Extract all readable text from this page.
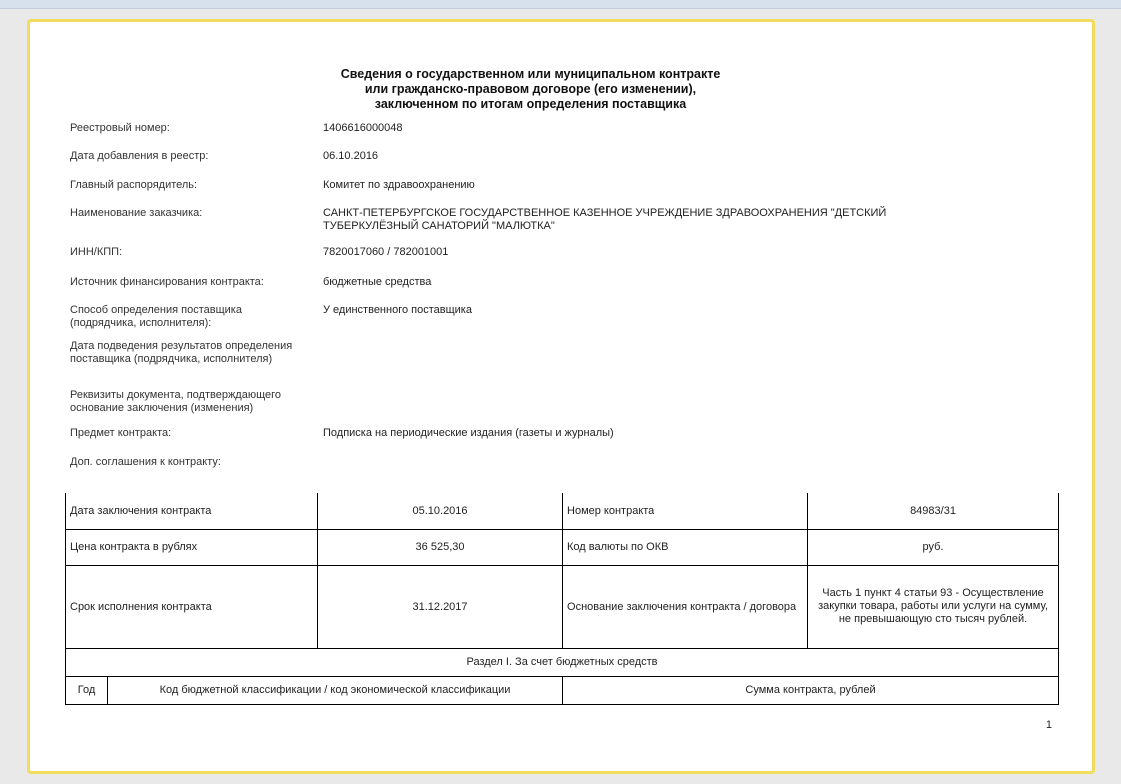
Сведения о государственном или муниципальном контракте
или гражданско-правовом договоре (его изменении),
заключенном по итогам определения поставщика
Реестровый номер:	1406616000048
Дата добавления в реестр:	06.10.2016
Главный распорядитель:	Комитет по здравоохранению
Наименование заказчика:	САНКТ-ПЕТЕРБУРГСКОЕ ГОСУДАРСТВЕННОЕ КАЗЕННОЕ УЧРЕЖДЕНИЕ ЗДРАВООХРАНЕНИЯ "ДЕТСКИЙ ТУБЕРКУЛЁЗНЫЙ САНАТОРИЙ "МАЛЮТКА"
ИНН/КПП:	7820017060 / 782001001
Источник финансирования контракта:	бюджетные средства
Способ определения поставщика (подрядчика, исполнителя):
У единственного поставщика
Дата подведения результатов определения поставщика (подрядчика, исполнителя)
Реквизиты документа, подтверждающего основание заключения (изменения)
Предмет контракта:	Подписка на периодические издания (газеты и журналы)
Доп. соглашения к контракту:
Дата заключения контракта		05.10.2016	Номер контракта	84983/31
Цена контракта в рублях		36 525,30	Код валюты по ОКВ	руб.
Срок исполнения контракта		31.12.2017	Основание заключения контракта / договора	Часть 1 пункт 4 статьи 93 - Осуществление закупки товара, работы или услуги на сумму, не превышающую сто тысяч рублей.
Раздел I. За счет бюджетных средств				
Год	Код бюджетной классификации / код экономической классификации		Сумма контракта, рублей	
1
